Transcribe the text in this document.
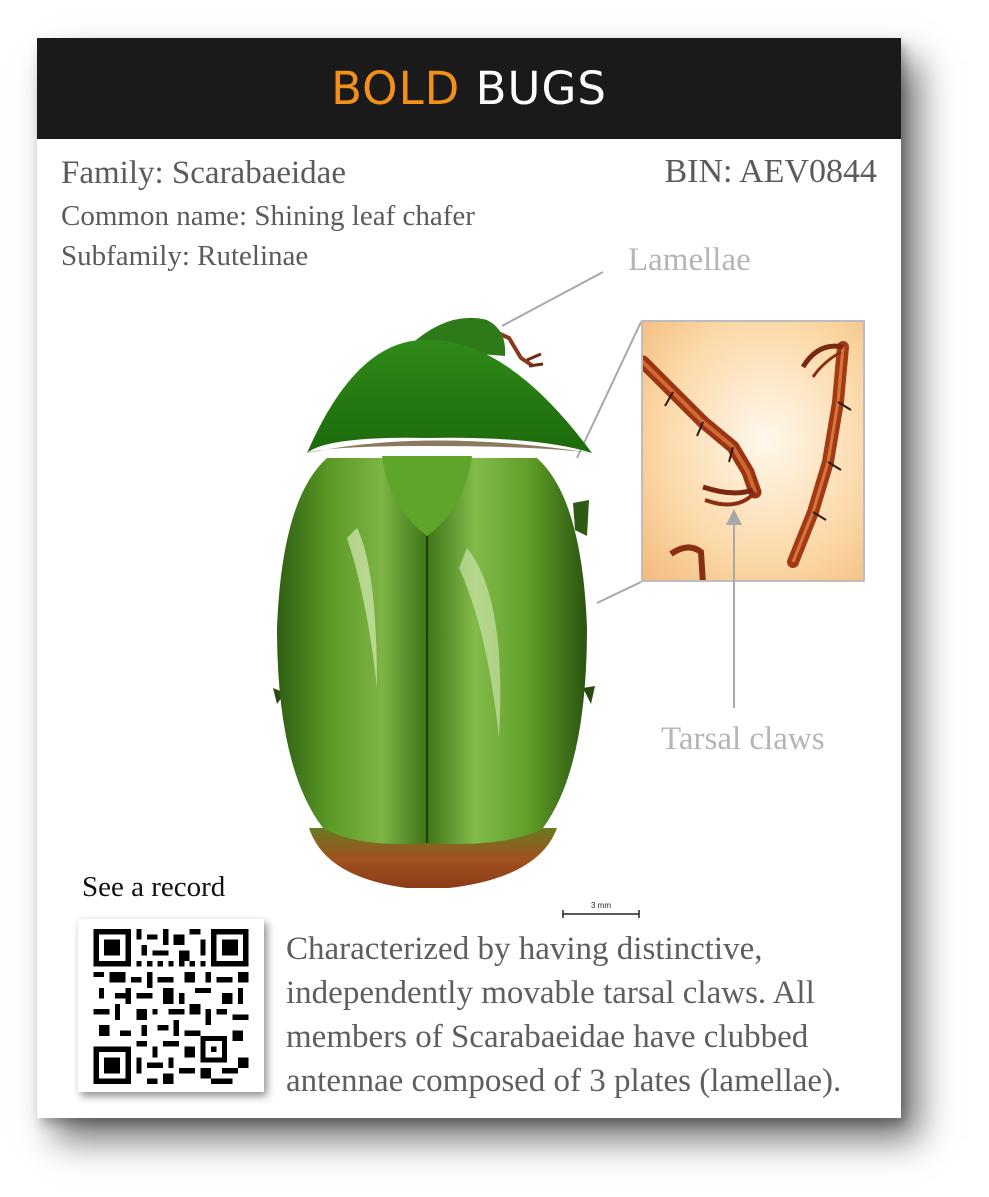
BOLD BUGS
Family: Scarabaeidae
Common name: Shining leaf chafer
Subfamily: Rutelinae
BIN: AEV0844
Lamellae
Tarsal claws
3 mm
See a record
Characterized by having distinctive, independently movable tarsal claws. All members of Scarabaeidae have clubbed antennae composed of 3 plates (lamellae).
